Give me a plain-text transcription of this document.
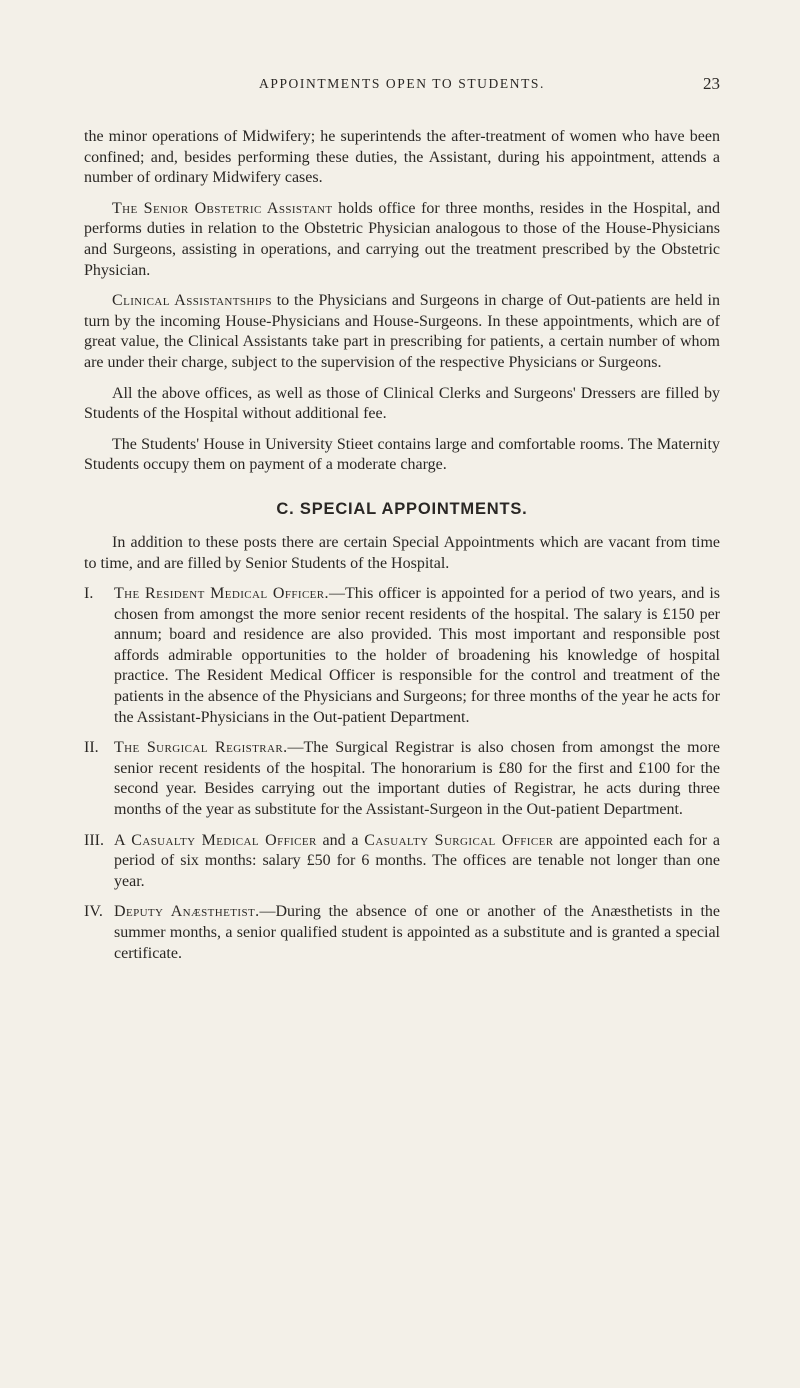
APPOINTMENTS OPEN TO STUDENTS.	23

the minor operations of Midwifery; he superintends the after-treatment of women who have been confined; and, besides performing these duties, the Assistant, during his appointment, attends a number of ordinary Midwifery cases.

The Senior Obstetric Assistant holds office for three months, resides in the Hospital, and performs duties in relation to the Obstetric Physician analogous to those of the House-Physicians and Surgeons, assisting in operations, and carrying out the treatment prescribed by the Obstetric Physician.

Clinical Assistantships to the Physicians and Surgeons in charge of Out-patients are held in turn by the incoming House-Physicians and House-Surgeons. In these appointments, which are of great value, the Clinical Assistants take part in prescribing for patients, a certain number of whom are under their charge, subject to the supervision of the respective Physicians or Surgeons.

All the above offices, as well as those of Clinical Clerks and Surgeons' Dressers are filled by Students of the Hospital without additional fee.

The Students' House in University Stieet contains large and comfortable rooms. The Maternity Students occupy them on payment of a moderate charge.

C. SPECIAL APPOINTMENTS.

In addition to these posts there are certain Special Appointments which are vacant from time to time, and are filled by Senior Students of the Hospital.

I.	The Resident Medical Officer.—This officer is appointed for a period of two years, and is chosen from amongst the more senior recent residents of the hospital. The salary is £150 per annum; board and residence are also provided. This most important and responsible post affords admirable opportunities to the holder of broadening his knowledge of hospital practice. The Resident Medical Officer is responsible for the control and treatment of the patients in the absence of the Physicians and Surgeons; for three months of the year he acts for the Assistant-Physicians in the Out-patient Department.

II. The Surgical Registrar.—The Surgical Registrar is also chosen from amongst the more senior recent residents of the hospital. The honorarium is £80 for the first and £100 for the second year. Besides carrying out the important duties of Registrar, he acts during three months of the year as substitute for the Assistant-Surgeon in the Out-patient Department.

III. A Casualty Medical Officer and a Casualty Surgical Officer are appointed each for a period of six months: salary £50 for 6 months. The offices are tenable not longer than one year.

IV. Deputy Anæsthetist.—During the absence of one or another of the Anæsthetists in the summer months, a senior qualified student is appointed as a substitute and is granted a special certificate.
